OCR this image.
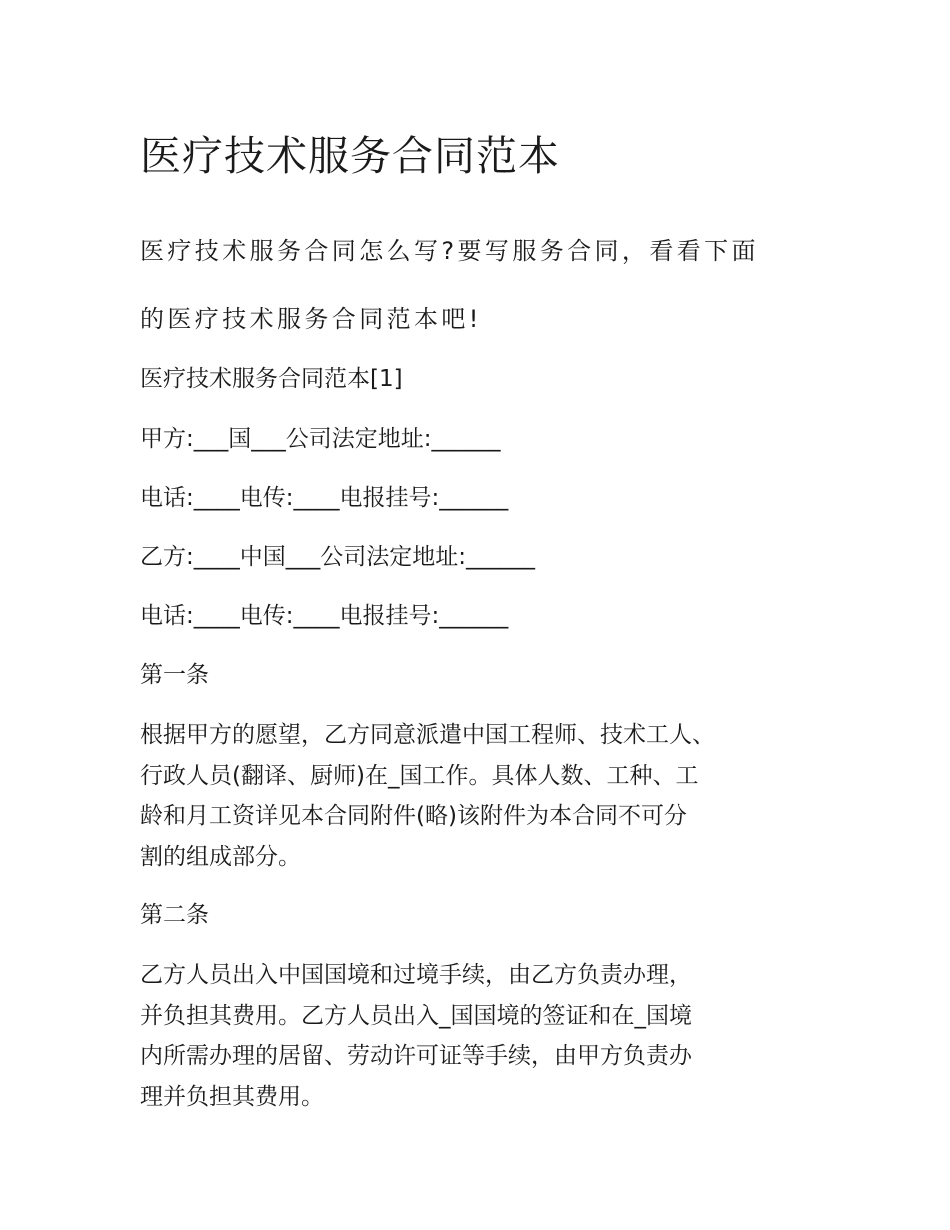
医疗技术服务合同范本
医疗技术服务合同怎么写?要写服务合同，看看下面
的医疗技术服务合同范本吧!
医疗技术服务合同范本[1]
甲方:___国___公司法定地址:______
电话:____电传:____电报挂号:______
乙方:____中国___公司法定地址:______
电话:____电传:____电报挂号:______
第一条
根据甲方的愿望，乙方同意派遣中国工程师、技术工人、
行政人员(翻译、厨师)在_国工作。具体人数、工种、工
龄和月工资详见本合同附件(略)该附件为本合同不可分
割的组成部分。
第二条
乙方人员出入中国国境和过境手续，由乙方负责办理，
并负担其费用。乙方人员出入_国国境的签证和在_国境
内所需办理的居留、劳动许可证等手续，由甲方负责办
理并负担其费用。
